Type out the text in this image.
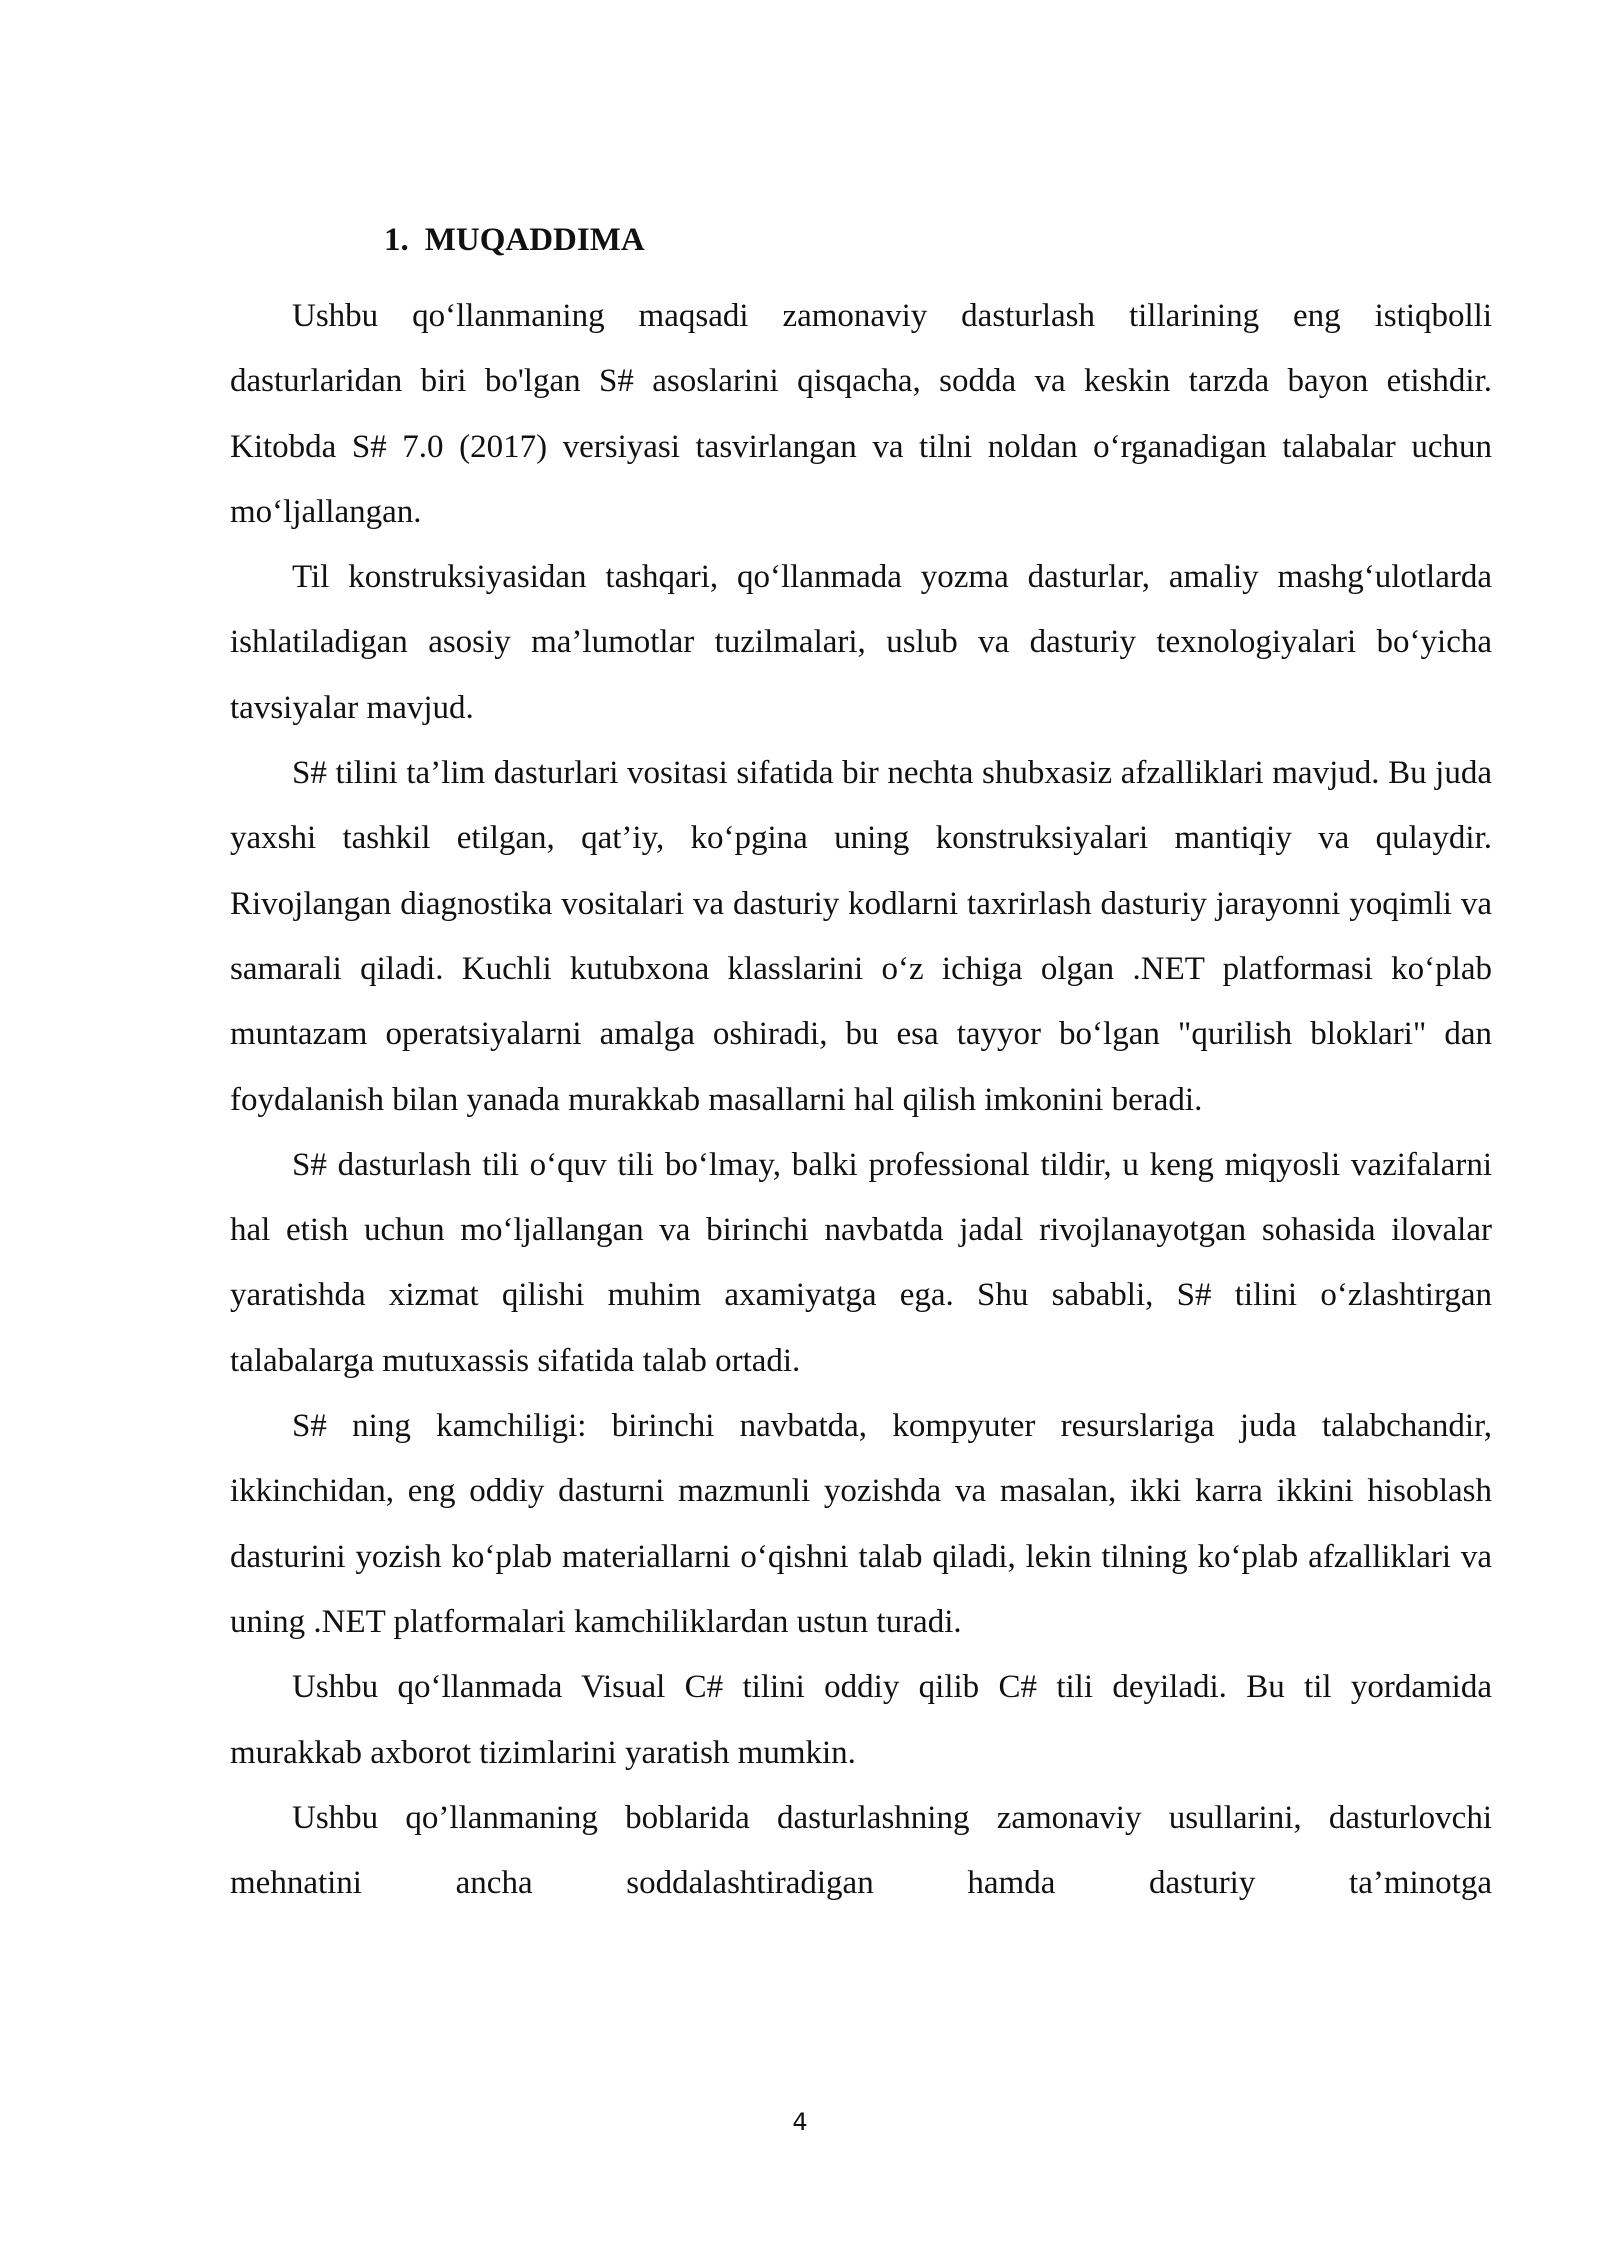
1. MUQADDIMA

Ushbu qo‘llanmaning maqsadi zamonaviy dasturlash tillarining eng istiqbolli dasturlaridan biri bo'lgan S# asoslarini qisqacha, sodda va keskin tarzda bayon etishdir. Kitobda S# 7.0 (2017) versiyasi tasvirlangan va tilni noldan o‘rganadigan talabalar uchun mo‘ljallangan.

Til konstruksiyasidan tashqari, qo‘llanmada yozma dasturlar, amaliy mashg‘ulotlarda ishlatiladigan asosiy ma’lumotlar tuzilmalari, uslub va dasturiy texnologiyalari bo‘yicha tavsiyalar mavjud.

S# tilini ta’lim dasturlari vositasi sifatida bir nechta shubxasiz afzalliklari mavjud. Bu juda yaxshi tashkil etilgan, qat’iy, ko‘pgina uning konstruksiyalari mantiqiy va qulaydir. Rivojlangan diagnostika vositalari va dasturiy kodlarni taxrirlash dasturiy jarayonni yoqimli va samarali qiladi. Kuchli kutubxona klasslarini o‘z ichiga olgan .NET platformasi ko‘plab muntazam operatsiyalarni amalga oshiradi, bu esa tayyor bo‘lgan "qurilish bloklari" dan foydalanish bilan yanada murakkab masallarni hal qilish imkonini beradi.

S# dasturlash tili o‘quv tili bo‘lmay, balki professional tildir, u keng miqyosli vazifalarni hal etish uchun mo‘ljallangan va birinchi navbatda jadal rivojlanayotgan sohasida ilovalar yaratishda xizmat qilishi muhim axamiyatga ega. Shu sababli, S# tilini o‘zlashtirgan talabalarga mutuxassis sifatida talab ortadi.

S# ning kamchiligi: birinchi navbatda, kompyuter resurslariga juda talabchandir, ikkinchidan, eng oddiy dasturni mazmunli yozishda va masalan, ikki karra ikkini hisoblash dasturini yozish ko‘plab materiallarni o‘qishni talab qiladi, lekin tilning ko‘plab afzalliklari va uning .NET platformalari kamchiliklardan ustun turadi.

Ushbu qo‘llanmada Visual C# tilini oddiy qilib C# tili deyiladi. Bu til yordamida murakkab axborot tizimlarini yaratish mumkin.

Ushbu qo’llanmaning boblarida dasturlashning zamonaviy usullarini, dasturlovchi mehnatini ancha soddalashtiradigan hamda dasturiy ta’minotga

4
